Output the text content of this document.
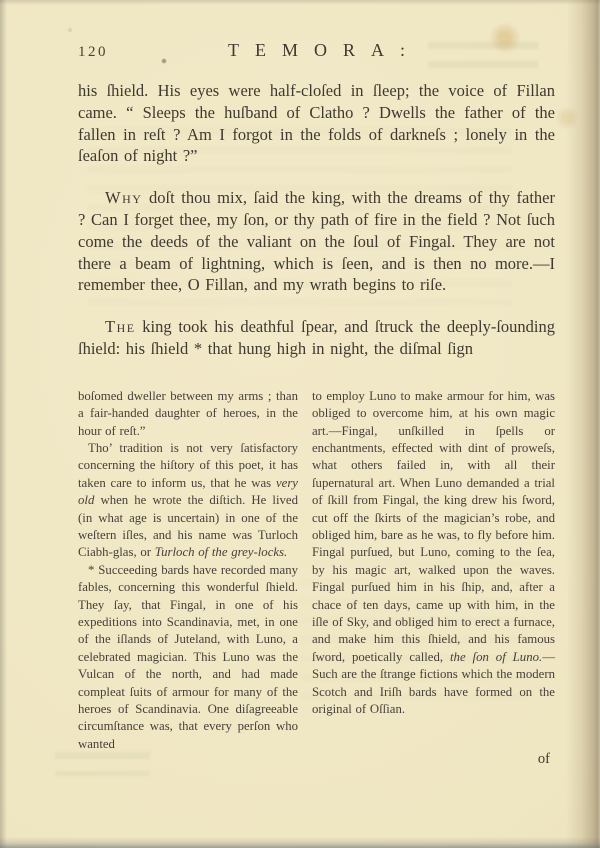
120	TEMORA:

his ſhield. His eyes were half-cloſed in ſleep; the voice of Fillan came. “ Sleeps the huſband of Clatho ? Dwells the father of the fallen in reſt ? Am I forgot in the folds of darkneſs ; lonely in the ſeaſon of night ?”

Why doſt thou mix, ſaid the king, with the dreams of thy father ? Can I forget thee, my ſon, or thy path of fire in the field ? Not ſuch come the deeds of the valiant on the ſoul of Fingal. They are not there a beam of lightning, which is ſeen, and is then no more.—I remember thee, O Fillan, and my wrath begins to riſe.

The king took his deathful ſpear, and ſtruck the deeply-ſounding ſhield: his ſhield * that hung high in night, the diſmal ſign

boſomed dweller between my arms ; than a fair-handed daughter of heroes, in the hour of reſt.”

Tho’ tradition is not very ſatisfactory concerning the hiſtory of this poet, it has taken care to inform us, that he was very old when he wrote the diſtich. He lived (in what age is uncertain) in one of the weſtern iſles, and his name was Turloch Ciabh-glas, or Turloch of the grey-locks.

* Succeeding bards have recorded many fables, concerning this wonderful ſhield. They ſay, that Fingal, in one of his expeditions into Scandinavia, met, in one of the iſlands of Juteland, with Luno, a celebrated magician. This Luno was the Vulcan of the north, and had made compleat ſuits of armour for many of the heroes of Scandinavia. One diſagreeable circumſtance was, that every perſon who wanted

to employ Luno to make armour for him, was obliged to overcome him, at his own magic art.—Fingal, unſkilled in ſpells or enchantments, effected with dint of proweſs, what others failed in, with all their ſupernatural art. When Luno demanded a trial of ſkill from Fingal, the king drew his ſword, cut off the ſkirts of the magician’s robe, and obliged him, bare as he was, to fly before him. Fingal purſued, but Luno, coming to the ſea, by his magic art, walked upon the waves. Fingal purſued him in his ſhip, and, after a chace of ten days, came up with him, in the iſle of Sky, and obliged him to erect a furnace, and make him this ſhield, and his famous ſword, poetically called, the ſon of Luno.—Such are the ſtrange fictions which the modern Scotch and Iriſh bards have formed on the original of Oſſian.

of
